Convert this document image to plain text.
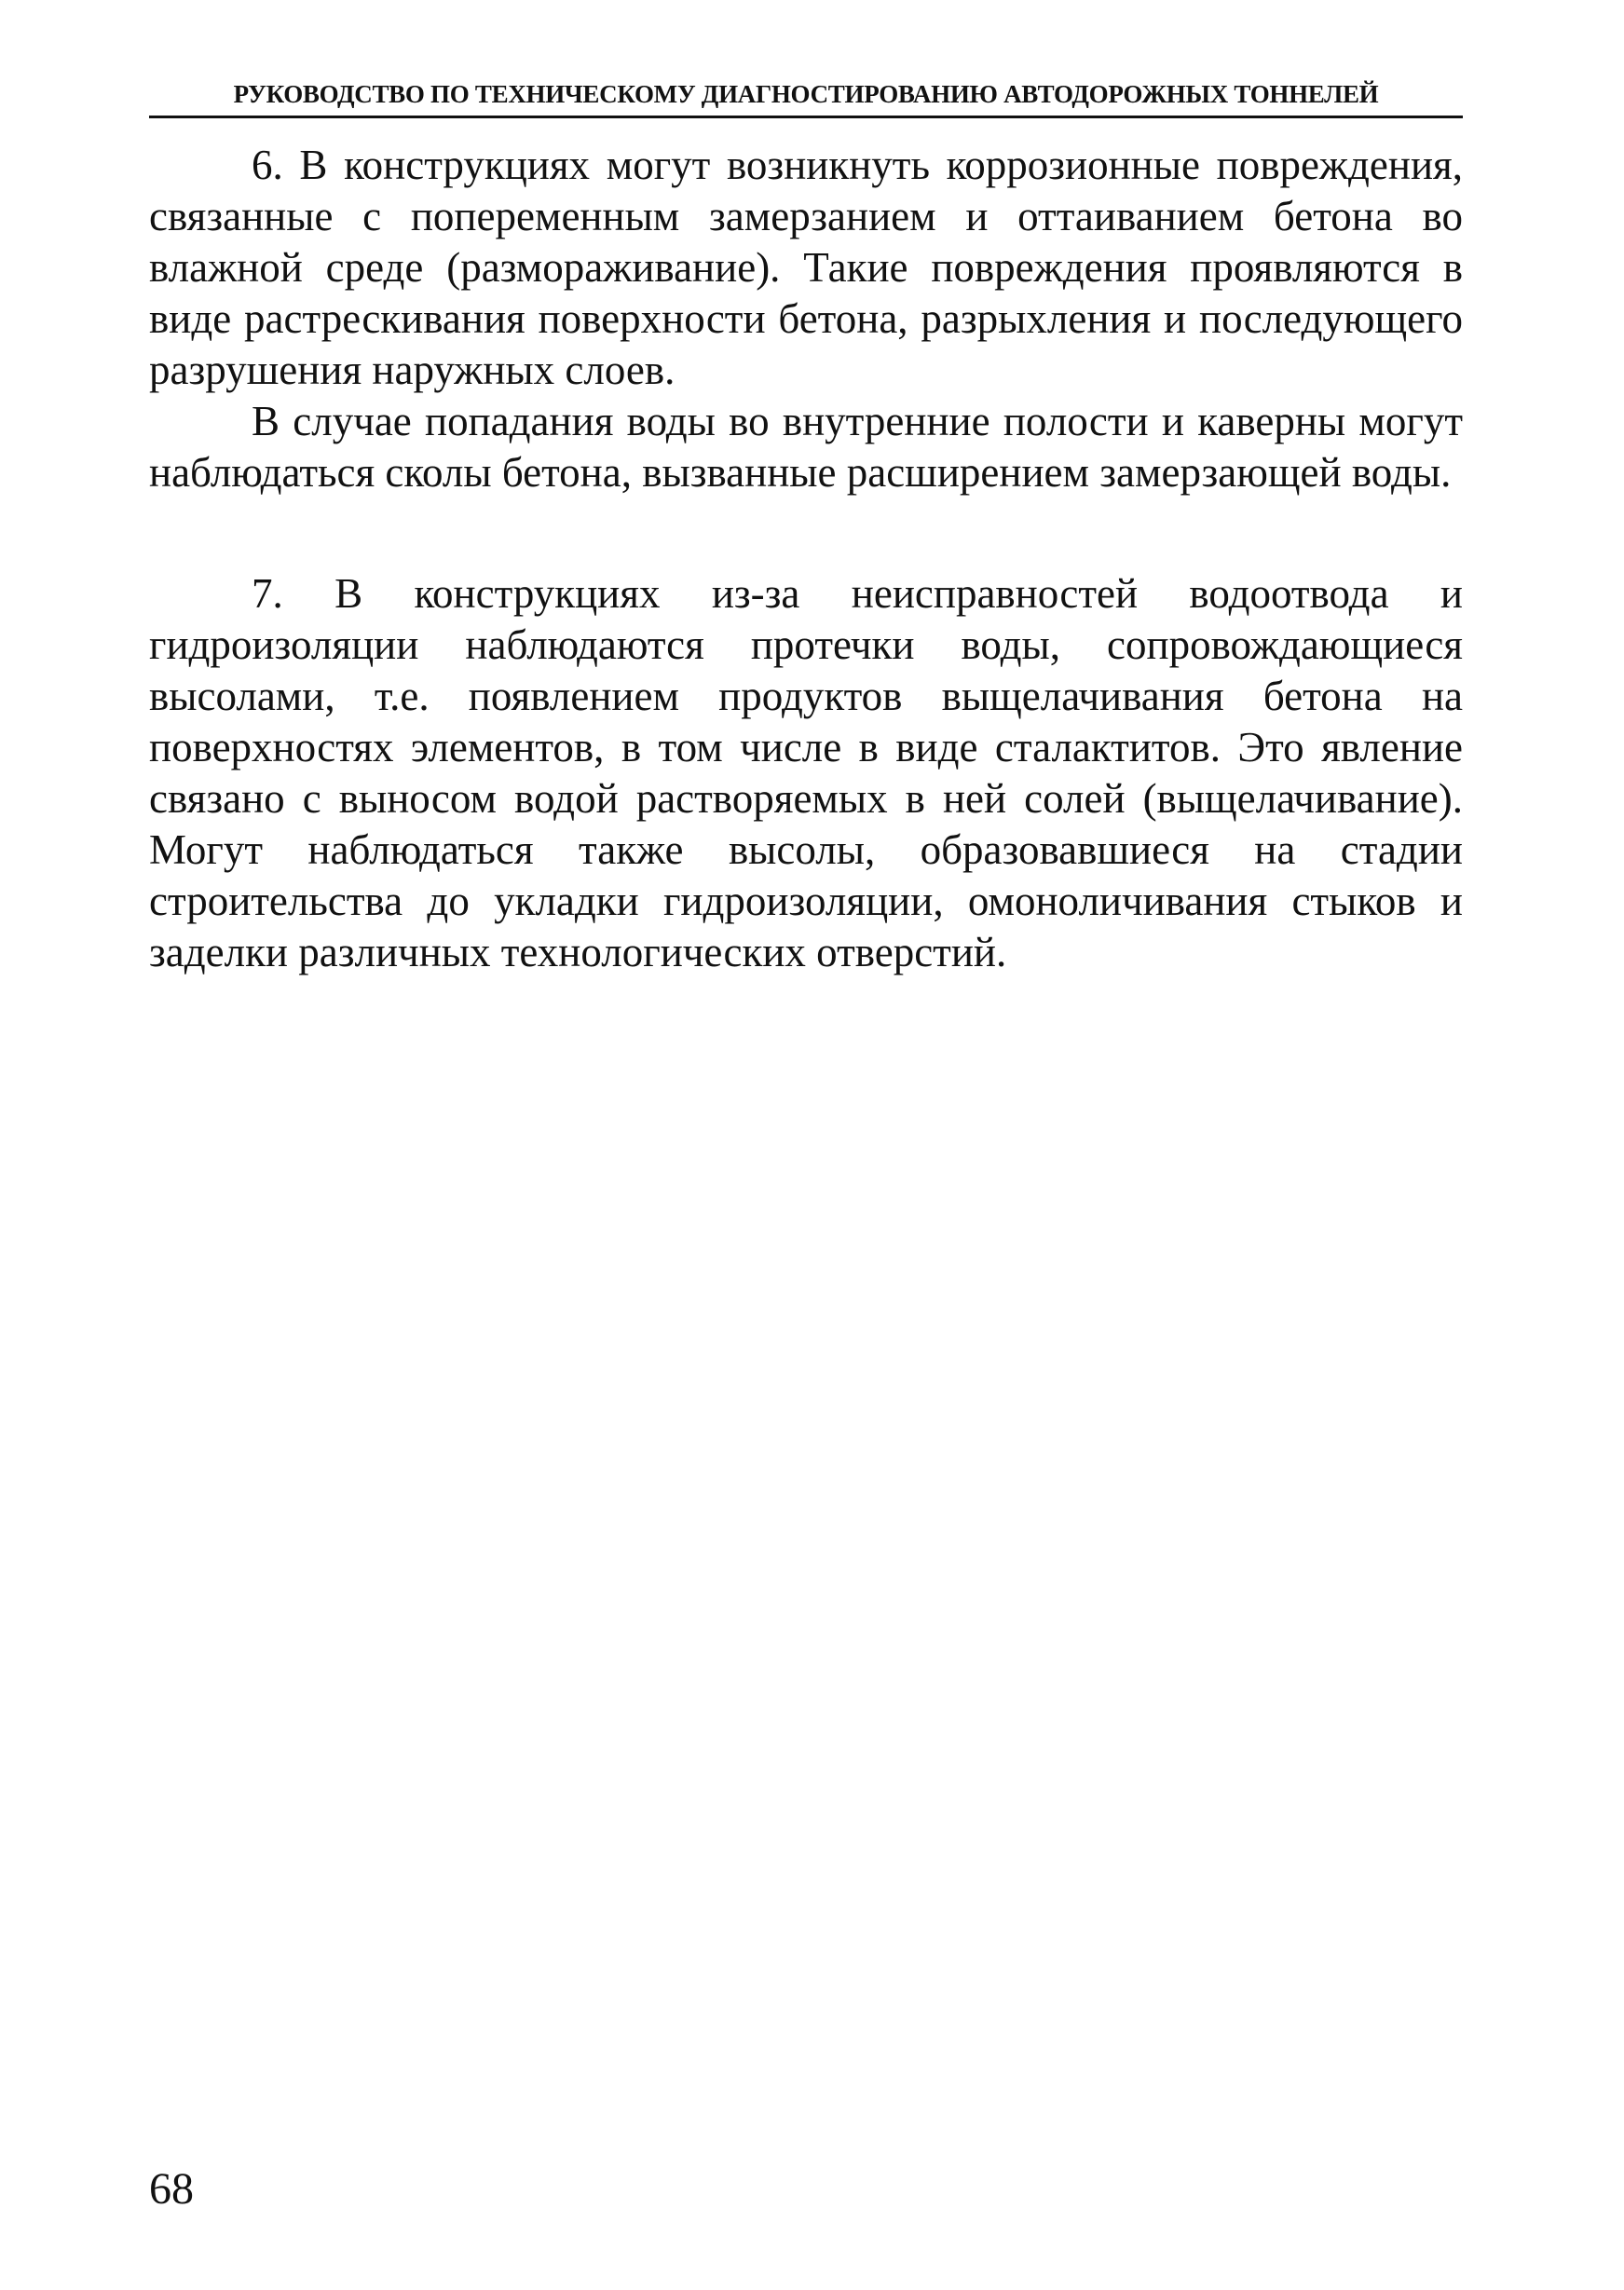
РУКОВОДСТВО ПО ТЕХНИЧЕСКОМУ ДИАГНОСТИРОВАНИЮ АВТОДОРОЖНЫХ ТОННЕЛЕЙ

6. В конструкциях могут возникнуть коррозионные повреждения, связанные с попеременным замерзанием и оттаиванием бетона во влажной среде (размораживание). Такие повреждения проявляются в виде растрескивания поверхности бетона, разрыхления и последующего разрушения наружных слоев.

В случае попадания воды во внутренние полости и каверны могут наблюдаться сколы бетона, вызванные расширением замерзающей воды.

7. В конструкциях из-за неисправностей водоотвода и гидроизоляции наблюдаются протечки воды, сопровождающиеся высолами, т.е. появлением продуктов выщелачивания бетона на поверхностях элементов, в том числе в виде сталактитов. Это явление связано с выносом водой растворяемых в ней солей (выщелачивание). Могут наблюдаться также высолы, образовавшиеся на стадии строительства до укладки гидроизоляции, омоноличивания стыков и заделки различных технологических отверстий.

68
